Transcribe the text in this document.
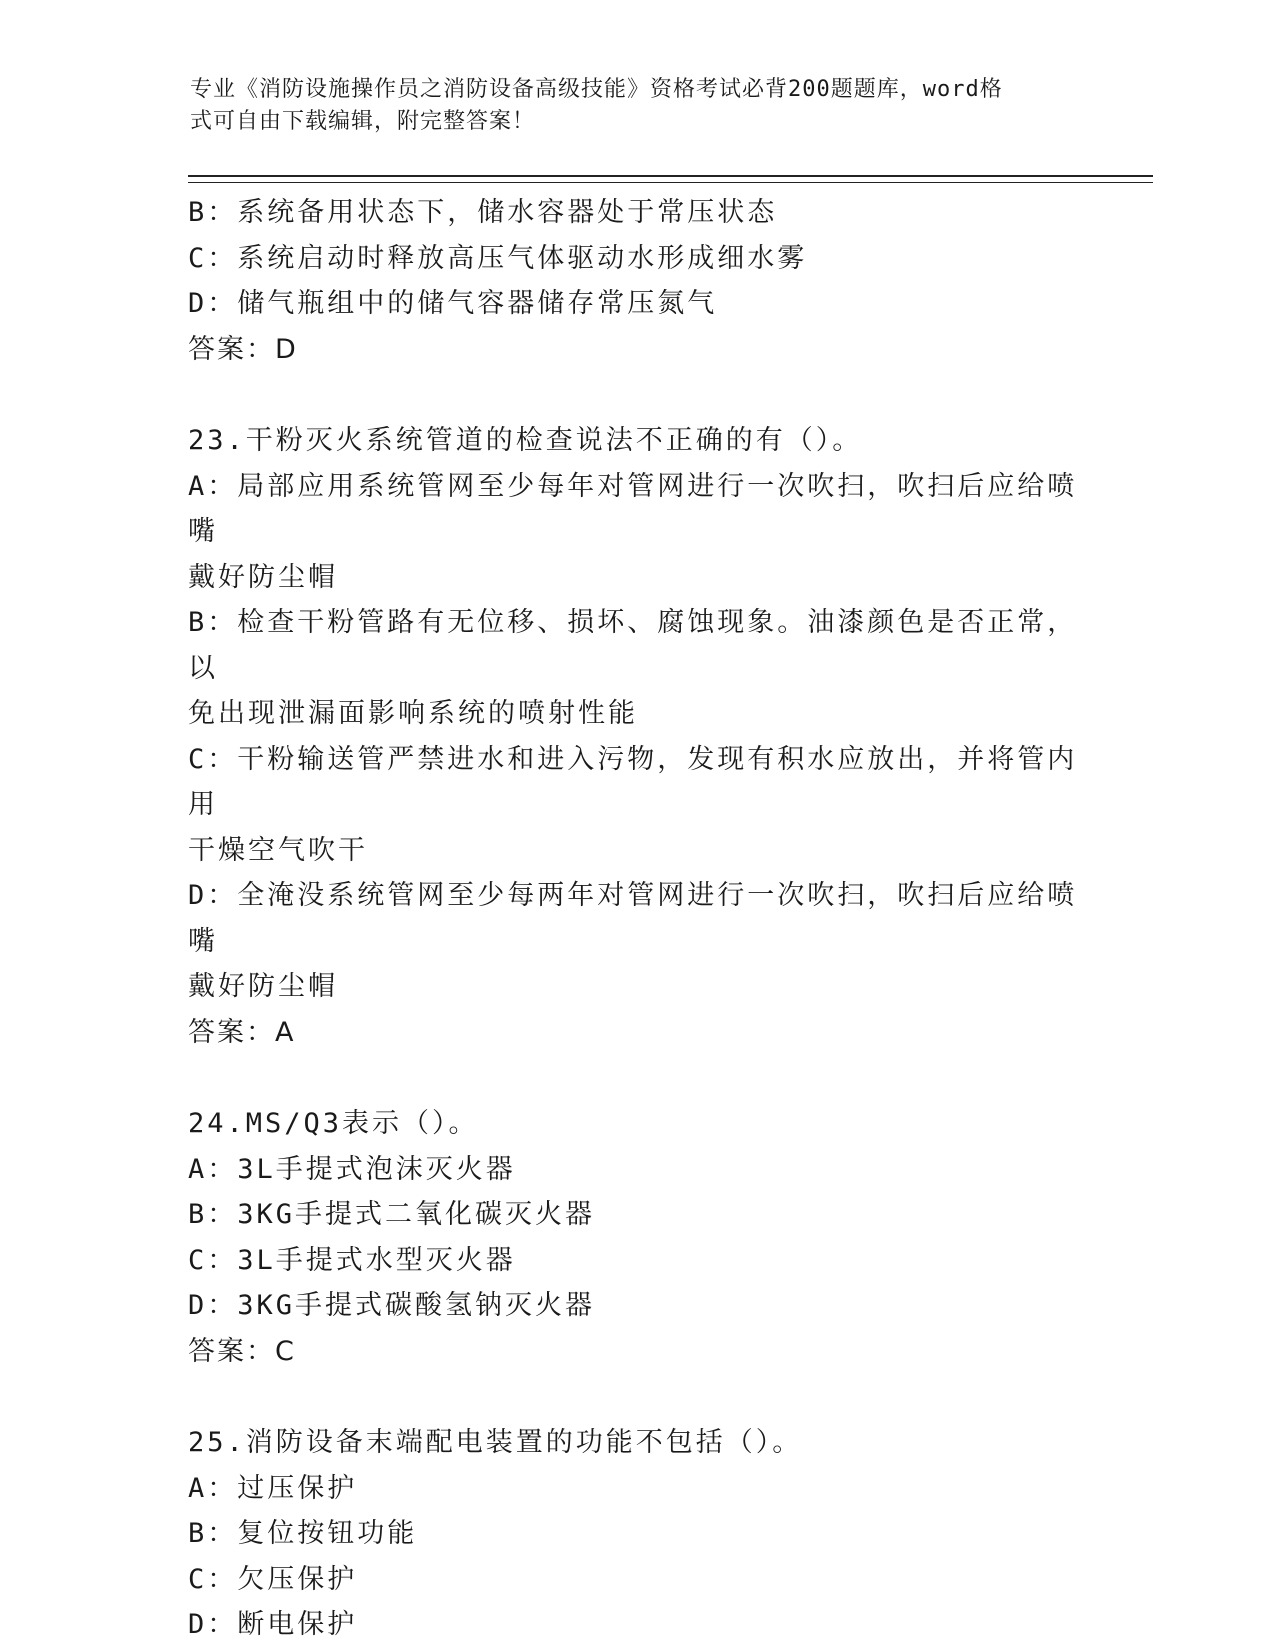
专业《消防设施操作员之消防设备高级技能》资格考试必背200题题库，word格
式可自由下载编辑，附完整答案！

B：系统备用状态下，储水容器处于常压状态

C：系统启动时释放高压气体驱动水形成细水雾

D：储气瓶组中的储气容器储存常压氮气

答案：D

23.干粉灭火系统管道的检查说法不正确的有（）。

A：局部应用系统管网至少每年对管网进行一次吹扫，吹扫后应给喷嘴

戴好防尘帽

B：检查干粉管路有无位移、损坏、腐蚀现象。油漆颜色是否正常，以

免出现泄漏面影响系统的喷射性能

C：干粉输送管严禁进水和进入污物，发现有积水应放出，并将管内用

干燥空气吹干

D：全淹没系统管网至少每两年对管网进行一次吹扫，吹扫后应给喷嘴

戴好防尘帽

答案：A

24.MS/Q3表示（）。

A：3L手提式泡沫灭火器

B：3KG手提式二氧化碳灭火器

C：3L手提式水型灭火器

D：3KG手提式碳酸氢钠灭火器

答案：C

25.消防设备末端配电装置的功能不包括（）。

A：过压保护

B：复位按钮功能

C：欠压保护

D：断电保护
